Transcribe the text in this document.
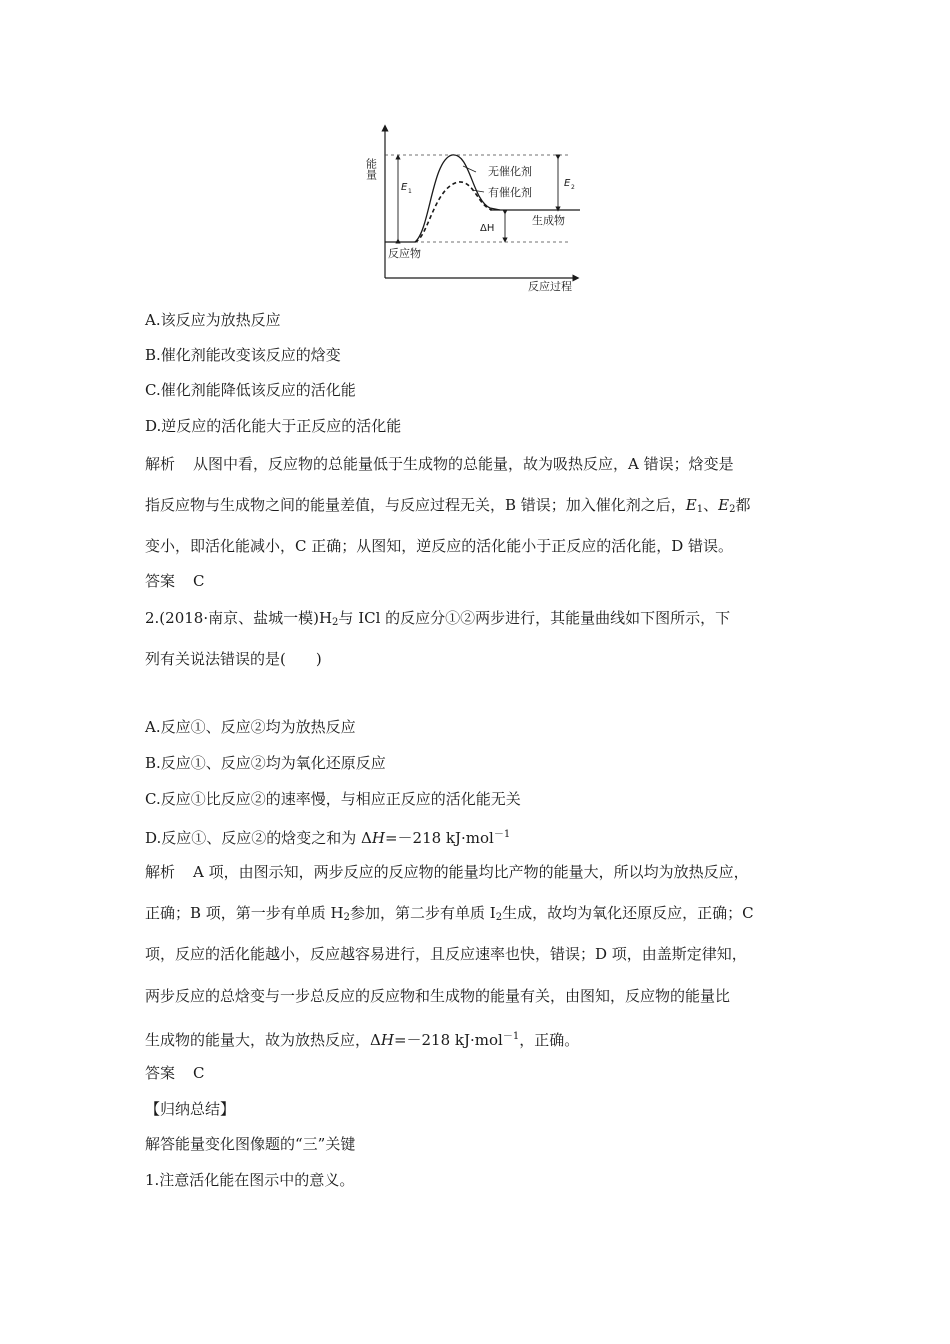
能量
反应过程
反应物
生成物
无催化剂
有催化剂
E 1
E 2
ΔH
A.该反应为放热反应
B.催化剂能改变该反应的焓变
C.催化剂能降低该反应的活化能
D.逆反应的活化能大于正反应的活化能
解析 从图中看，反应物的总能量低于生成物的总能量，故为吸热反应，A 错误；焓变是
指反应物与生成物之间的能量差值，与反应过程无关，B 错误；加入催化剂之后，$E_1$、$E_2$都
变小，即活化能减小，C 正确；从图知，逆反应的活化能小于正反应的活化能，D 错误。
答案 C
2.(2018·南京、盐城一模)$H_2$与 ICl 的反应分①②两步进行，其能量曲线如下图所示，下
列有关说法错误的是(　　)
A.反应①、反应②均为放热反应
B.反应①、反应②均为氧化还原反应
C.反应①比反应②的速率慢，与相应正反应的活化能无关
D.反应①、反应②的焓变之和为 ΔH=－218 kJ·mol$^{-1}$
解析 A 项，由图示知，两步反应的反应物的能量均比产物的能量大，所以均为放热反应，
正确；B 项，第一步有单质 $H_2$参加，第二步有单质 $I_2$生成，故均为氧化还原反应，正确；C
项，反应的活化能越小，反应越容易进行，且反应速率也快，错误；D 项，由盖斯定律知，
两步反应的总焓变与一步总反应的反应物和生成物的能量有关，由图知，反应物的能量比
生成物的能量大，故为放热反应，ΔH=－218 kJ·mol$^{-1}$，正确。
答案 C
【归纳总结】
解答能量变化图像题的“三”关键
1.注意活化能在图示中的意义。
